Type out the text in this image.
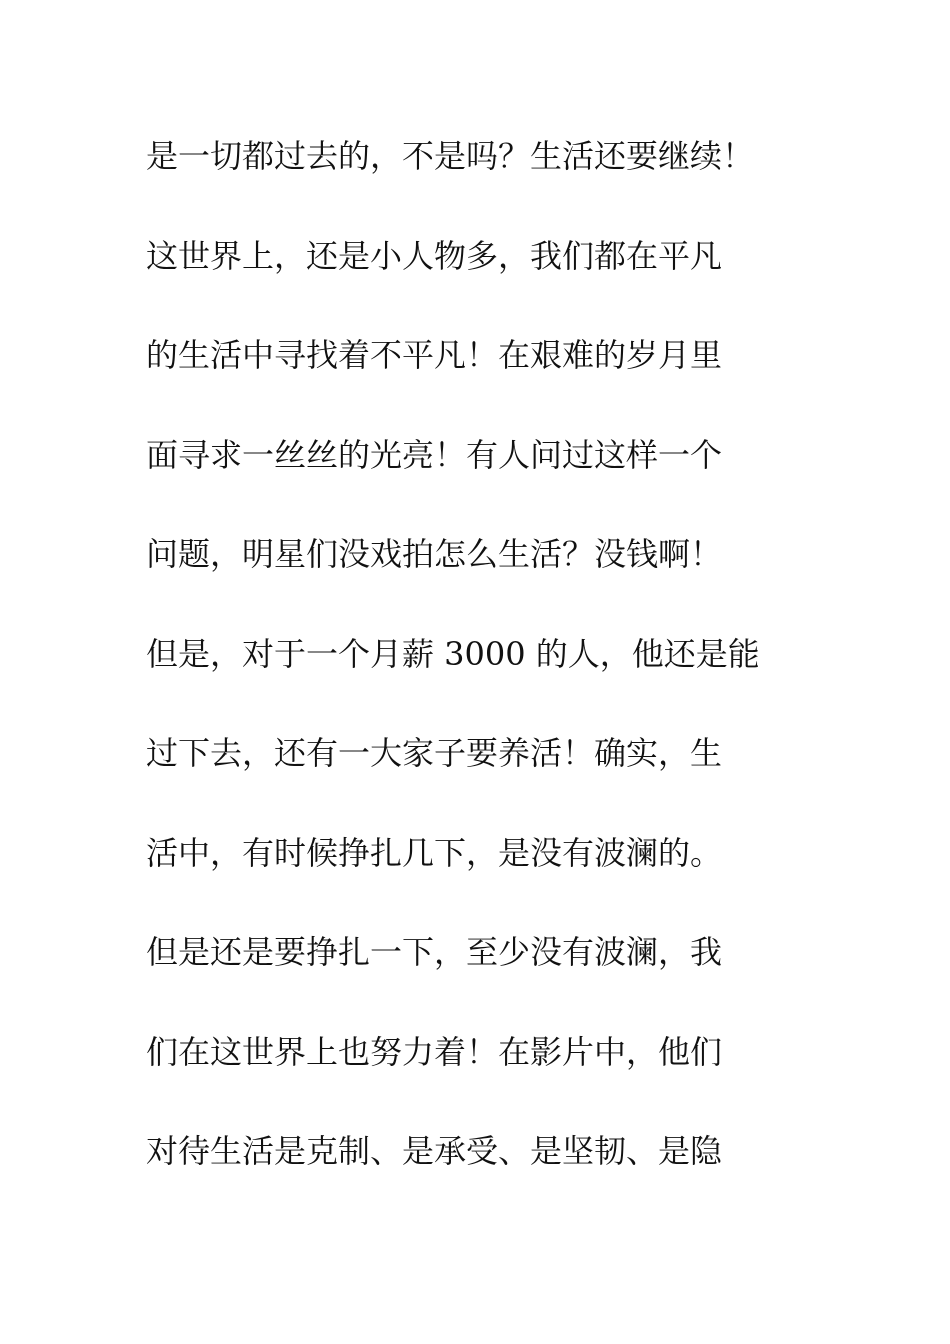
是一切都过去的，不是吗？生活还要继续！
这世界上，还是小人物多，我们都在平凡
的生活中寻找着不平凡！在艰难的岁月里
面寻求一丝丝的光亮！有人问过这样一个
问题，明星们没戏拍怎么生活？没钱啊！
但是，对于一个月薪 3000 的人，他还是能
过下去，还有一大家子要养活！确实，生
活中，有时候挣扎几下，是没有波澜的。
但是还是要挣扎一下，至少没有波澜，我
们在这世界上也努力着！在影片中，他们
对待生活是克制、是承受、是坚韧、是隐
